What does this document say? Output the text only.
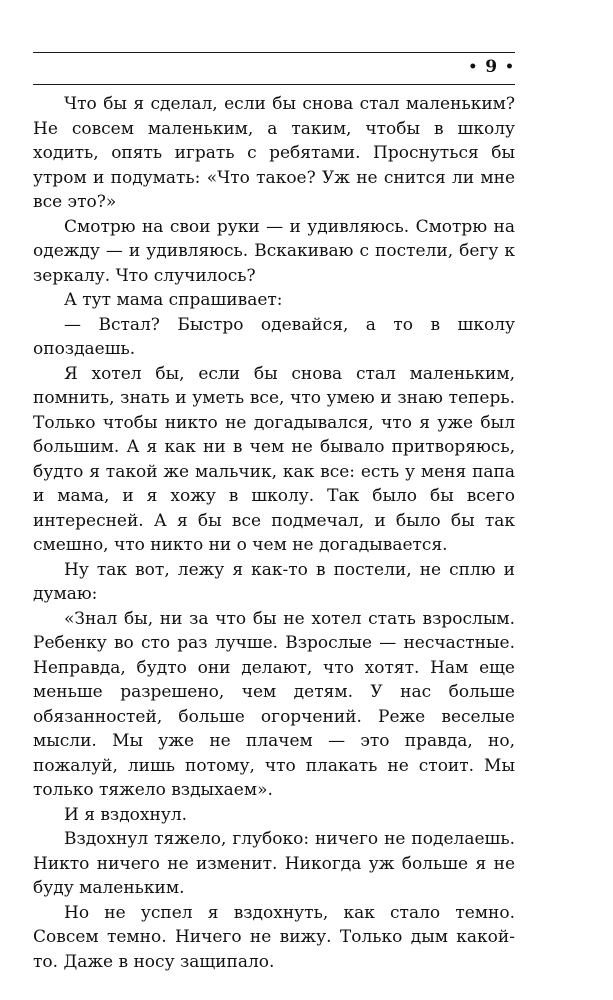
• 9 •

Что бы я сделал, если бы снова стал маленьким? Не совсем маленьким, а таким, чтобы в школу ходить, опять играть с ребятами. Проснуться бы утром и подумать: «Что такое? Уж не снится ли мне все это?»

Смотрю на свои руки — и удивляюсь. Смотрю на одежду — и удивляюсь. Вскакиваю с постели, бегу к зеркалу. Что случилось?

А тут мама спрашивает:

— Встал? Быстро одевайся, а то в школу опоздаешь.

Я хотел бы, если бы снова стал маленьким, помнить, знать и уметь все, что умею и знаю теперь. Только чтобы никто не догадывался, что я уже был большим. А я как ни в чем не бывало притворяюсь, будто я такой же мальчик, как все: есть у меня папа и мама, и я хожу в школу. Так было бы всего интересней. А я бы все подмечал, и было бы так смешно, что никто ни о чем не догадывается.

Ну так вот, лежу я как-то в постели, не сплю и думаю:

«Знал бы, ни за что бы не хотел стать взрослым. Ребенку во сто раз лучше. Взрослые — несчастные. Неправда, будто они делают, что хотят. Нам еще меньше разрешено, чем детям. У нас больше обязанностей, больше огорчений. Реже веселые мысли. Мы уже не плачем — это правда, но, пожалуй, лишь потому, что плакать не стоит. Мы только тяжело вздыхаем».

И я вздохнул.

Вздохнул тяжело, глубоко: ничего не поделаешь. Никто ничего не изменит. Никогда уж больше я не буду маленьким.

Но не успел я вздохнуть, как стало темно. Совсем темно. Ничего не вижу. Только дым какой-то. Даже в носу защипало.
